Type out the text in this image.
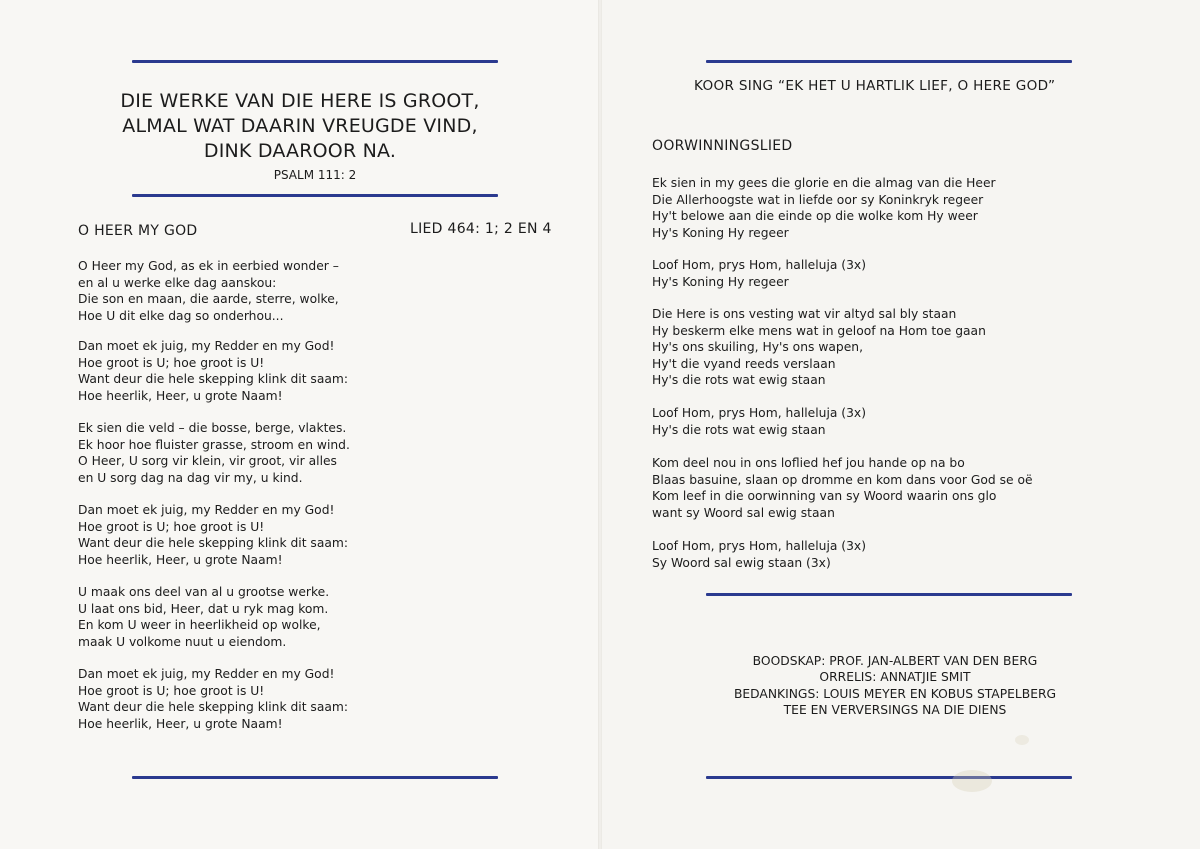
DIE WERKE VAN DIE HERE IS GROOT,
ALMAL WAT DAARIN VREUGDE VIND,
DINK DAAROOR NA.
PSALM 111: 2
O HEER MY GOD	LIED 464: 1; 2 EN 4
O Heer my God, as ek in eerbied wonder –
en al u werke elke dag aanskou:
Die son en maan, die aarde, sterre, wolke,
Hoe U dit elke dag so onderhou...
Dan moet ek juig, my Redder en my God!
Hoe groot is U; hoe groot is U!
Want deur die hele skepping klink dit saam:
Hoe heerlik, Heer, u grote Naam!
Ek sien die veld – die bosse, berge, vlaktes.
Ek hoor hoe fluister grasse, stroom en wind.
O Heer, U sorg vir klein, vir groot, vir alles
en U sorg dag na dag vir my, u kind.
Dan moet ek juig, my Redder en my God!
Hoe groot is U; hoe groot is U!
Want deur die hele skepping klink dit saam:
Hoe heerlik, Heer, u grote Naam!
U maak ons deel van al u grootse werke.
U laat ons bid, Heer, dat u ryk mag kom.
En kom U weer in heerlikheid op wolke,
maak U volkome nuut u eiendom.
Dan moet ek juig, my Redder en my God!
Hoe groot is U; hoe groot is U!
Want deur die hele skepping klink dit saam:
Hoe heerlik, Heer, u grote Naam!
KOOR SING “EK HET U HARTLIK LIEF, O HERE GOD”
OORWINNINGSLIED
Ek sien in my gees die glorie en die almag van die Heer
Die Allerhoogste wat in liefde oor sy Koninkryk regeer
Hy't belowe aan die einde op die wolke kom Hy weer
Hy's Koning Hy regeer
Loof Hom, prys Hom, halleluja (3x)
Hy's Koning Hy regeer
Die Here is ons vesting wat vir altyd sal bly staan
Hy beskerm elke mens wat in geloof na Hom toe gaan
Hy's ons skuiling, Hy's ons wapen,
Hy't die vyand reeds verslaan
Hy's die rots wat ewig staan
Loof Hom, prys Hom, halleluja (3x)
Hy's die rots wat ewig staan
Kom deel nou in ons loflied hef jou hande op na bo
Blaas basuine, slaan op dromme en kom dans voor God se oë
Kom leef in die oorwinning van sy Woord waarin ons glo
want sy Woord sal ewig staan
Loof Hom, prys Hom, halleluja (3x)
Sy Woord sal ewig staan (3x)
BOODSKAP: PROF. JAN-ALBERT VAN DEN BERG
ORRELIS: ANNATJIE SMIT
BEDANKINGS: LOUIS MEYER EN KOBUS STAPELBERG
TEE EN VERVERSINGS NA DIE DIENS
